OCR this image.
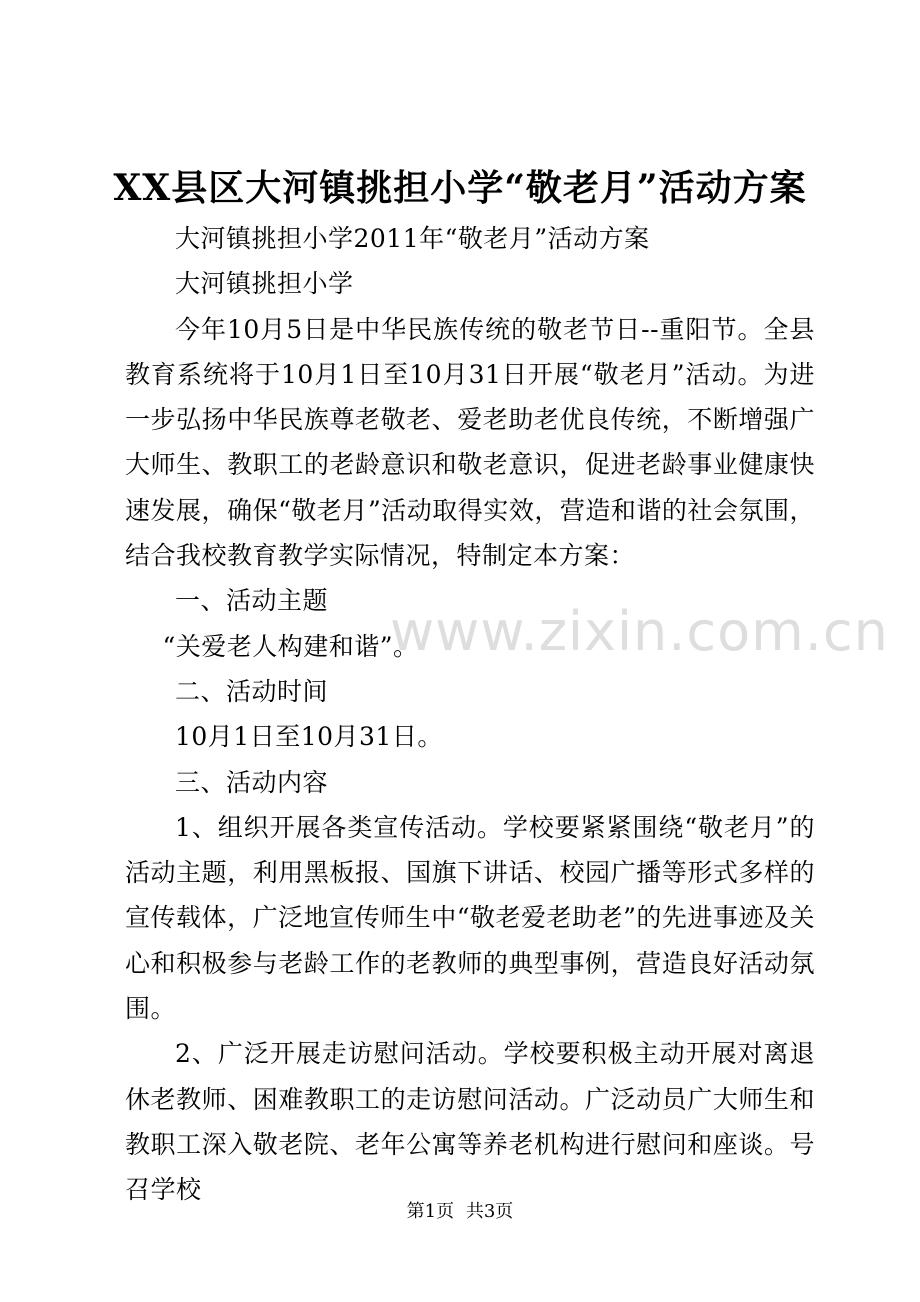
XX县区大河镇挑担小学“敬老月”活动方案

大河镇挑担小学2011年“敬老月”活动方案

大河镇挑担小学

今年10月5日是中华民族传统的敬老节日--重阳节。全县教育系统将于10月1日至10月31日开展“敬老月”活动。为进一步弘扬中华民族尊老敬老、爱老助老优良传统，不断增强广大师生、教职工的老龄意识和敬老意识，促进老龄事业健康快速发展，确保“敬老月”活动取得实效，营造和谐的社会氛围，结合我校教育教学实际情况，特制定本方案：

一、活动主题

“关爱老人构建和谐”。

二、活动时间

10月1日至10月31日。

三、活动内容

1、组织开展各类宣传活动。学校要紧紧围绕“敬老月”的活动主题，利用黑板报、国旗下讲话、校园广播等形式多样的宣传载体，广泛地宣传师生中“敬老爱老助老”的先进事迹及关心和积极参与老龄工作的老教师的典型事例，营造良好活动氛围。

2、广泛开展走访慰问活动。学校要积极主动开展对离退休老教师、困难教职工的走访慰问活动。广泛动员广大师生和教职工深入敬老院、老年公寓等养老机构进行慰问和座谈。号召学校

www.zixin.com.cn
第1页 共3页
